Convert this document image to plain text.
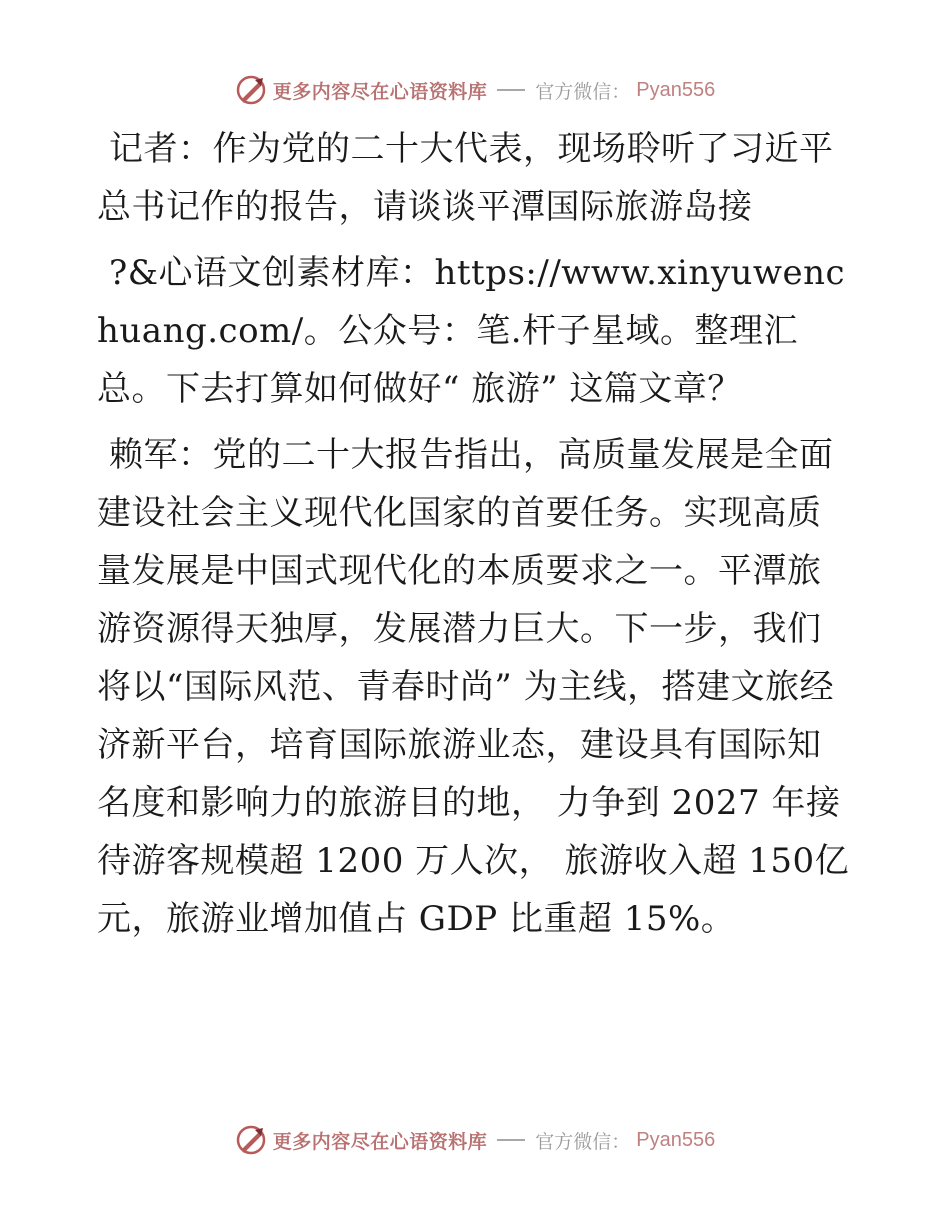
更多内容尽在心语资料库	官方微信： Pyan556

记者：作为党的二十大代表，现场聆听了习近平总书记作的报告，请谈谈平潭国际旅游岛接

?&心语文创素材库：https://www.xinyuwenchuang.com/。公众号：笔.杆子星域。整理汇总。下去打算如何做好“ 旅游” 这篇文章？

赖军：党的二十大报告指出，高质量发展是全面建设社会主义现代化国家的首要任务。实现高质量发展是中国式现代化的本质要求之一。平潭旅游资源得天独厚，发展潜力巨大。下一步，我们将以“国际风范、青春时尚” 为主线，搭建文旅经济新平台，培育国际旅游业态，建设具有国际知名度和影响力的旅游目的地， 力争到 2027 年接待游客规模超 1200 万人次， 旅游收入超 150亿元，旅游业增加值占 GDP 比重超 15%。

更多内容尽在心语资料库	官方微信： Pyan556
